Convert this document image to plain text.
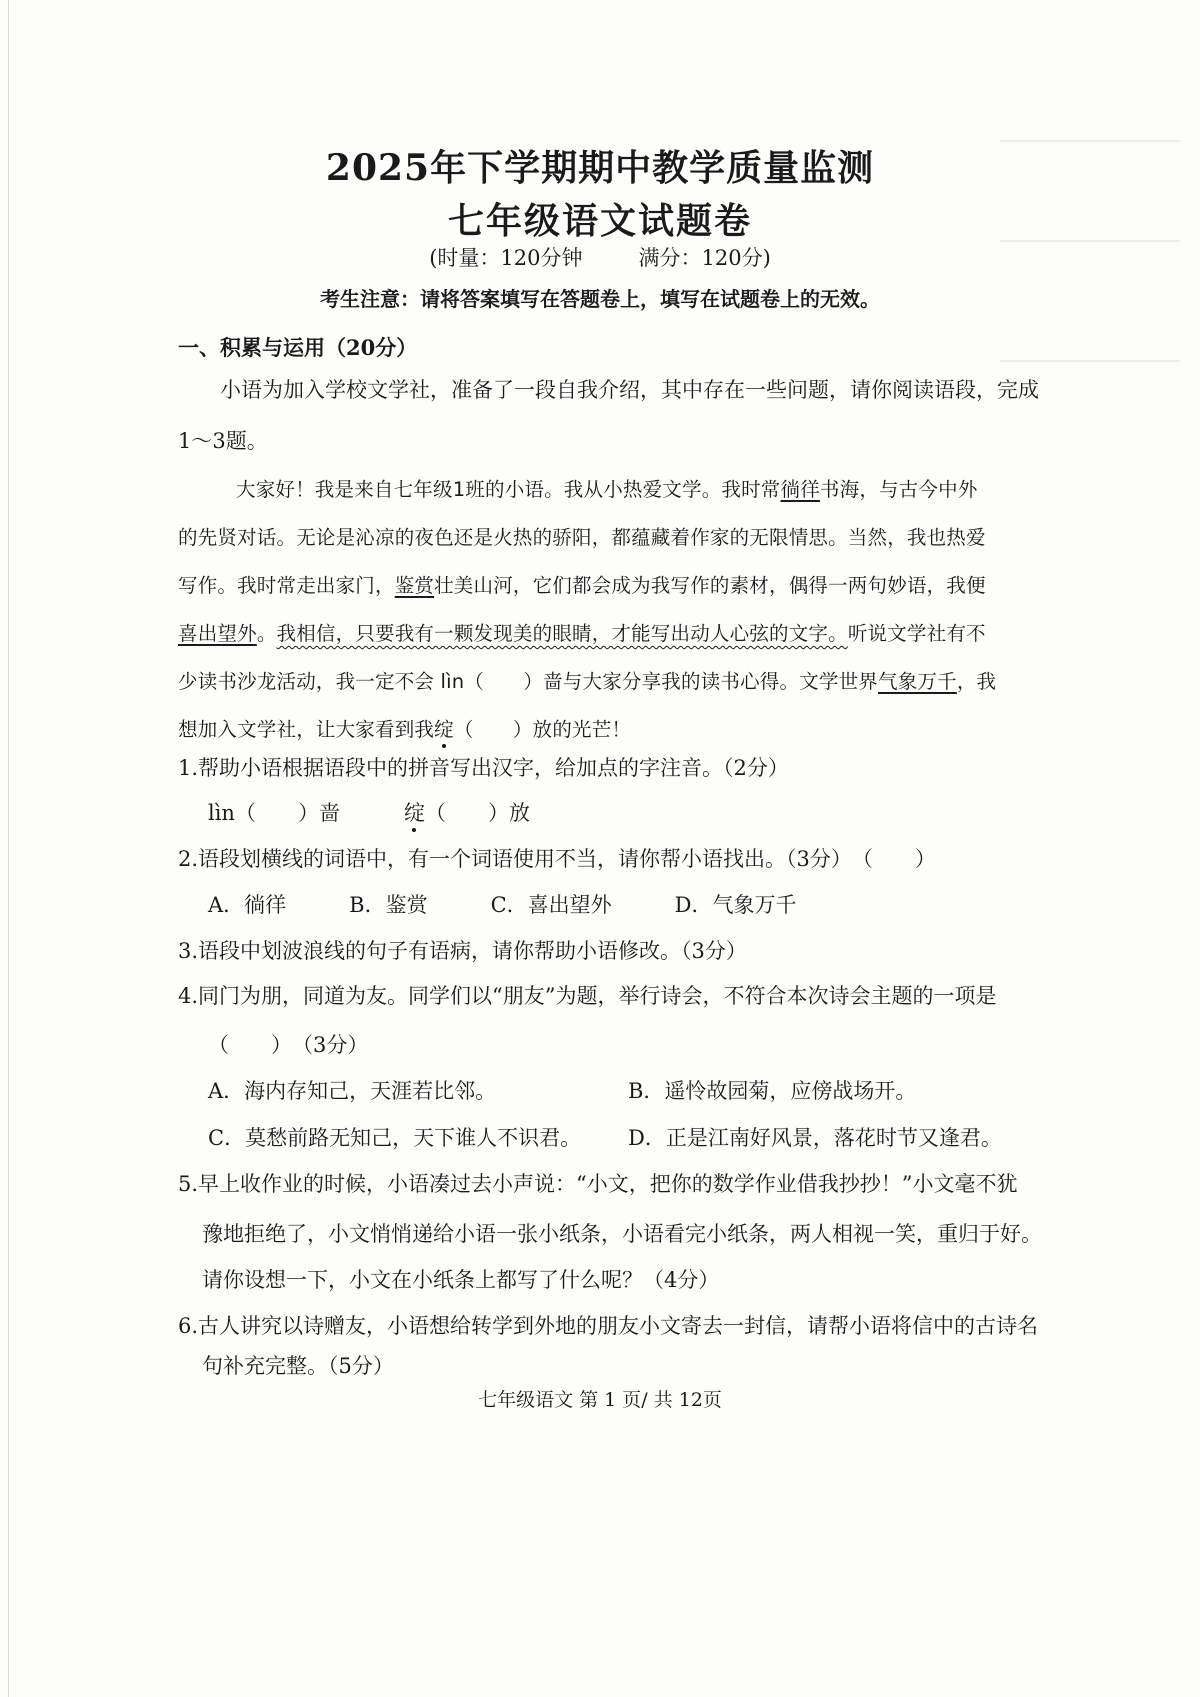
2025年下学期期中教学质量监测
七年级语文试题卷
(时量：120分钟	满分：120分)
考生注意：请将答案填写在答题卷上，填写在试题卷上的无效。
一、积累与运用（20分）
小语为加入学校文学社，准备了一段自我介绍，其中存在一些问题，请你阅读语段，完成
1～3题。
大家好！我是来自七年级1班的小语。我从小热爱文学。我时常徜徉书海，与古今中外
的先贤对话。无论是沁凉的夜色还是火热的骄阳，都蕴藏着作家的无限情思。当然，我也热爱
写作。我时常走出家门，鉴赏壮美山河，它们都会成为我写作的素材，偶得一两句妙语，我便
喜出望外。我相信，只要我有一颗发现美的眼睛，才能写出动人心弦的文字。听说文学社有不
少读书沙龙活动，我一定不会 lìn（　　）啬与大家分享我的读书心得。文学世界气象万千，我
想加入文学社，让大家看到我绽（　　）放的光芒！
1.帮助小语根据语段中的拼音写出汉字，给加点的字注音。（2分）
lìn（　　）啬	绽（　　）放
2.语段划横线的词语中，有一个词语使用不当，请你帮小语找出。（3分）　（　　）
A．徜徉　　　B．鉴赏　　　C．喜出望外　　　D．气象万千
3.语段中划波浪线的句子有语病，请你帮助小语修改。（3分）
4.同门为朋，同道为友。同学们以“朋友”为题，举行诗会，不符合本次诗会主题的一项是
（　　）　（3分）
A．海内存知己，天涯若比邻。	B．遥怜故园菊，应傍战场开。
C．莫愁前路无知己，天下谁人不识君。 D．正是江南好风景，落花时节又逢君。
5.早上收作业的时候，小语凑过去小声说：“小文，把你的数学作业借我抄抄！”小文毫不犹
豫地拒绝了，小文悄悄递给小语一张小纸条，小语看完小纸条，两人相视一笑，重归于好。
请你设想一下，小文在小纸条上都写了什么呢？（4分）
6.古人讲究以诗赠友，小语想给转学到外地的朋友小文寄去一封信，请帮小语将信中的古诗名
句补充完整。（5分）
七年级语文 第 1 页/ 共 12页
